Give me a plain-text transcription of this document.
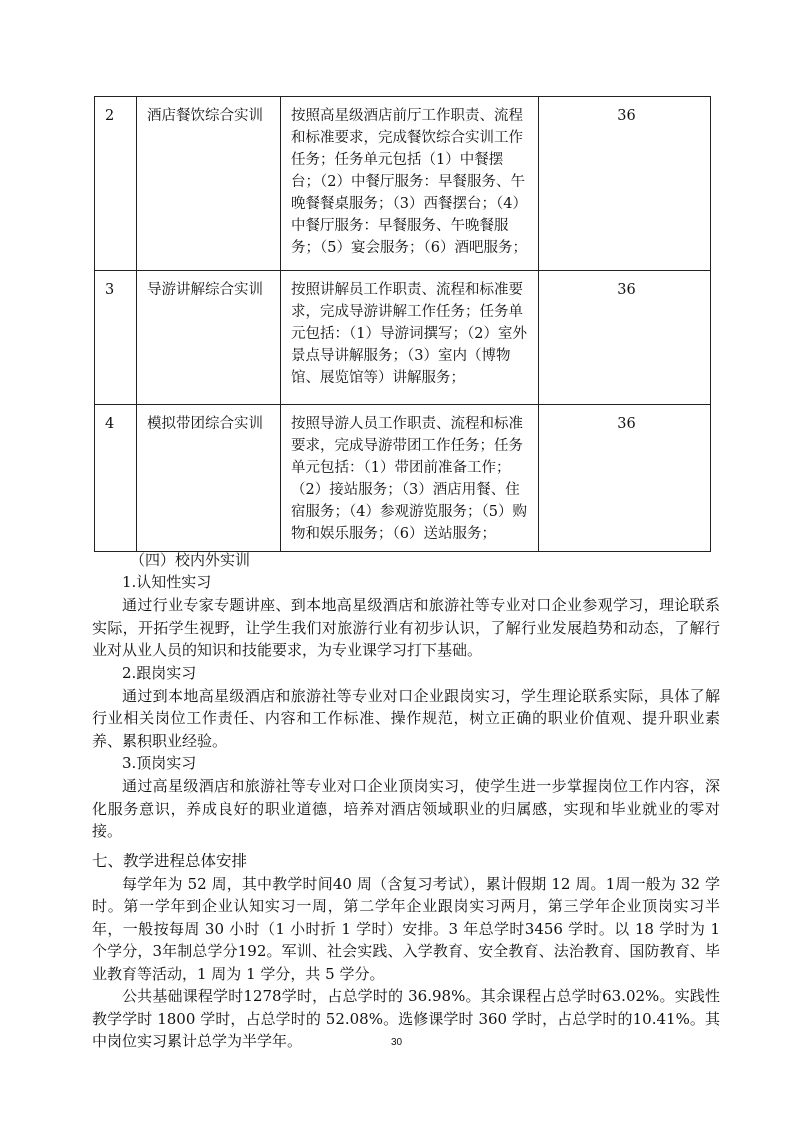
2	酒店餐饮综合实训	按照高星级酒店前厅工作职责、流程和标准要求，完成餐饮综合实训工作任务；任务单元包括（1）中餐摆台；（2）中餐厅服务：早餐服务、午晚餐餐桌服务；（3）西餐摆台；（4）中餐厅服务：早餐服务、午晚餐服务；（5）宴会服务；（6）酒吧服务；	36
3	导游讲解综合实训	按照讲解员工作职责、流程和标准要求，完成导游讲解工作任务；任务单元包括：（1）导游词撰写；（2）室外景点导讲解服务；（3）室内（博物馆、展览馆等）讲解服务；	36
4	模拟带团综合实训	按照导游人员工作职责、流程和标准要求，完成导游带团工作任务；任务单元包括：（1）带团前准备工作；（2）接站服务；（3）酒店用餐、住宿服务；（4）参观游览服务；（5）购物和娱乐服务；（6）送站服务；	36
（四）校内外实训
1.认知性实习

通过行业专家专题讲座、到本地高星级酒店和旅游社等专业对口企业参观学习，理论联系实际，开拓学生视野，让学生我们对旅游行业有初步认识，了解行业发展趋势和动态，了解行业对从业人员的知识和技能要求，为专业课学习打下基础。

2.跟岗实习

通过到本地高星级酒店和旅游社等专业对口企业跟岗实习，学生理论联系实际，具体了解行业相关岗位工作责任、内容和工作标准、操作规范，树立正确的职业价值观、提升职业素养、累积职业经验。

3.顶岗实习

通过高星级酒店和旅游社等专业对口企业顶岗实习，使学生进一步掌握岗位工作内容，深化服务意识，养成良好的职业道德，培养对酒店领域职业的归属感，实现和毕业就业的零对接。

七、教学进程总体安排

每学年为 52 周，其中教学时间40 周（含复习考试），累计假期 12 周。1周一般为 32 学时。第一学年到企业认知实习一周，第二学年企业跟岗实习两月，第三学年企业顶岗实习半年，一般按每周 30 小时（1 小时折 1 学时）安排。3 年总学时3456 学时。以 18 学时为 1 个学分，3年制总学分192。军训、社会实践、入学教育、安全教育、法治教育、国防教育、毕业教育等活动，1 周为 1 学分，共 5 学分。

公共基础课程学时1278学时，占总学时的 36.98%。其余课程占总学时63.02%。实践性教学学时 1800 学时，占总学时的 52.08%。选修课学时 360 学时，占总学时的10.41%。其中岗位实习累计总学为半学年。	30
